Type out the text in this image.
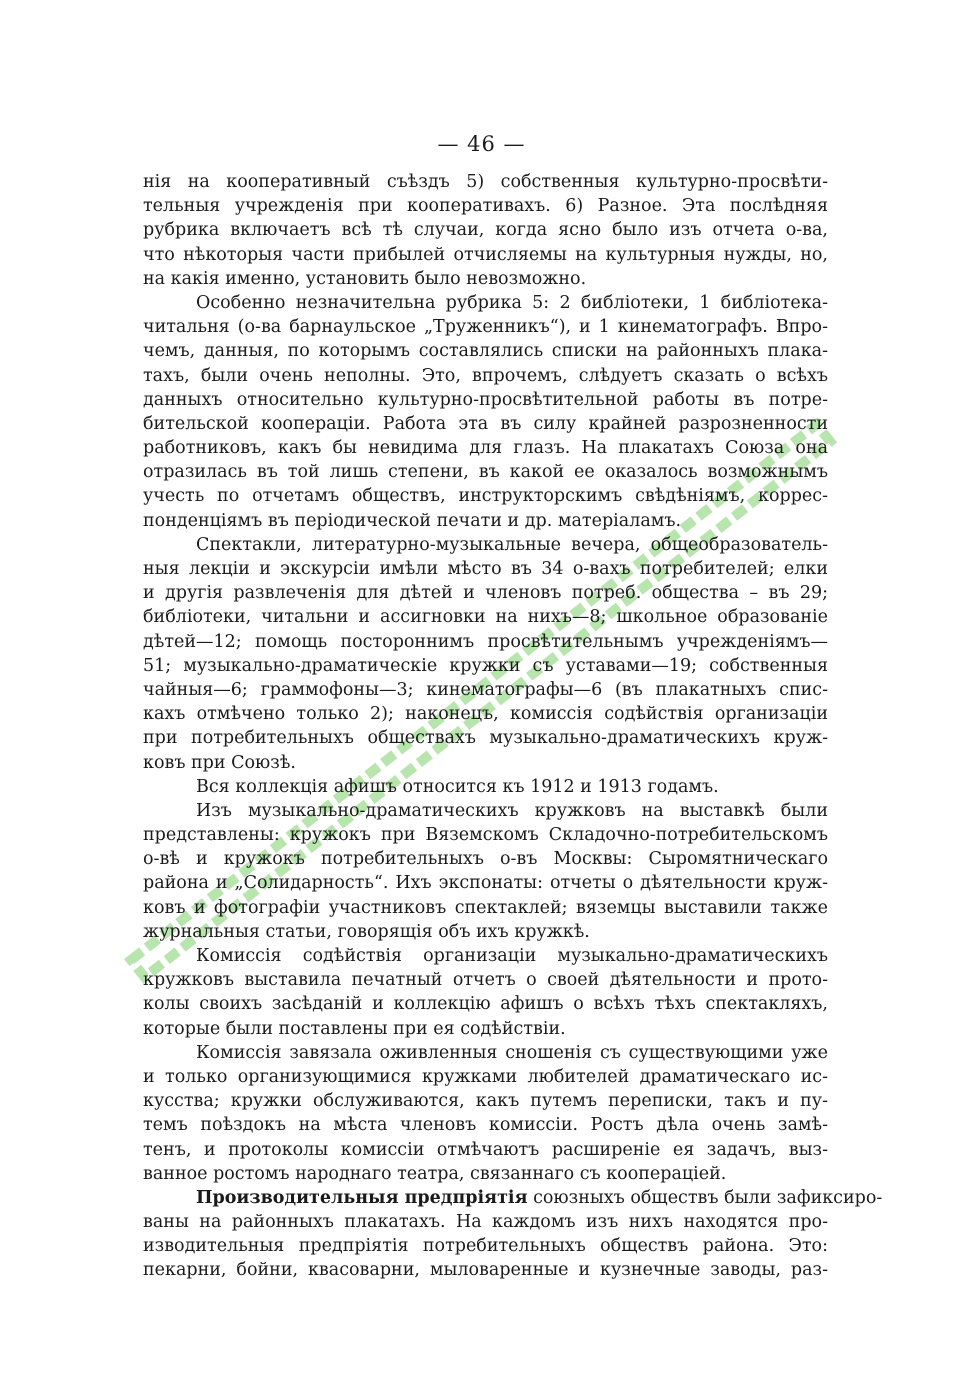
— 46 —
нія на кооперативный съѣздъ 5) собственныя культурно-просвѣти-
тельныя учрежденія при кооперативахъ. 6) Разное. Эта послѣдняя
рубрика включаетъ всѣ тѣ случаи, когда ясно было изъ отчета о-ва,
что нѣкоторыя части прибылей отчисляемы на культурныя нужды, но,
на какія именно, установить было невозможно.
Особенно незначительна рубрика 5: 2 библіотеки, 1 библіотека-
читальня (о-ва барнаульское „Труженникъ“), и 1 кинематографъ. Впро-
чемъ, данныя, по которымъ составлялись списки на районныхъ плака-
тахъ, были очень неполны. Это, впрочемъ, слѣдуетъ сказать о всѣхъ
данныхъ относительно культурно-просвѣтительной работы въ потре-
бительской коопераціи. Работа эта въ силу крайней разрозненности
работниковъ, какъ бы невидима для глазъ. На плакатахъ Союза она
отразилась въ той лишь степени, въ какой ее оказалось возможнымъ
учесть по отчетамъ обществъ, инструкторскимъ свѣдѣніямъ, коррес-
понденціямъ въ періодической печати и др. матеріаламъ.
Спектакли, литературно-музыкальные вечера, общеобразователь-
ныя лекціи и экскурсіи имѣли мѣсто въ 34 о-вахъ потребителей; елки
и другія развлеченія для дѣтей и членовъ потреб. общества – въ 29;
библіотеки, читальни и ассигновки на нихъ—8; школьное образованіе
дѣтей—12; помощь постороннимъ просвѣтительнымъ учрежденіямъ—
51; музыкально-драматическіе кружки съ уставами—19; собственныя
чайныя—6; граммофоны—3; кинематографы—6 (въ плакатныхъ спис-
кахъ отмѣчено только 2); наконецъ, комиссія содѣйствія организаціи
при потребительныхъ обществахъ музыкально-драматическихъ круж-
ковъ при Союзѣ.
Вся коллекція афишъ относится къ 1912 и 1913 годамъ.
Изъ музыкально-драматическихъ кружковъ на выставкѣ были
представлены: кружокъ при Вяземскомъ Складочно-потребительскомъ
о-вѣ и кружокъ потребительныхъ о-въ Москвы: Сыромятническаго
района и „Солидарность“. Ихъ экспонаты: отчеты о дѣятельности круж-
ковъ и фотографіи участниковъ спектаклей; вяземцы выставили также
журнальныя статьи, говорящія объ ихъ кружкѣ.
Комиссія содѣйствія организаціи музыкально-драматическихъ
кружковъ выставила печатный отчетъ о своей дѣятельности и прото-
колы своихъ засѣданій и коллекцію афишъ о всѣхъ тѣхъ спектакляхъ,
которые были поставлены при ея содѣйствіи.
Комиссія завязала оживленныя сношенія съ существующими уже
и только организующимися кружками любителей драматическаго ис-
кусства; кружки обслуживаются, какъ путемъ переписки, такъ и пу-
темъ поѣздокъ на мѣста членовъ комиссіи. Ростъ дѣла очень замѣ-
тенъ, и протоколы комиссіи отмѣчаютъ расширеніе ея задачъ, выз-
ванное ростомъ народнаго театра, связаннаго съ коопераціей.
Производительныя предпріятія союзныхъ обществъ были зафиксиро-
ваны на районныхъ плакатахъ. На каждомъ изъ нихъ находятся про-
изводительныя предпріятія потребительныхъ обществъ района. Это:
пекарни, бойни, квасоварни, мыловаренные и кузнечные заводы, раз-
